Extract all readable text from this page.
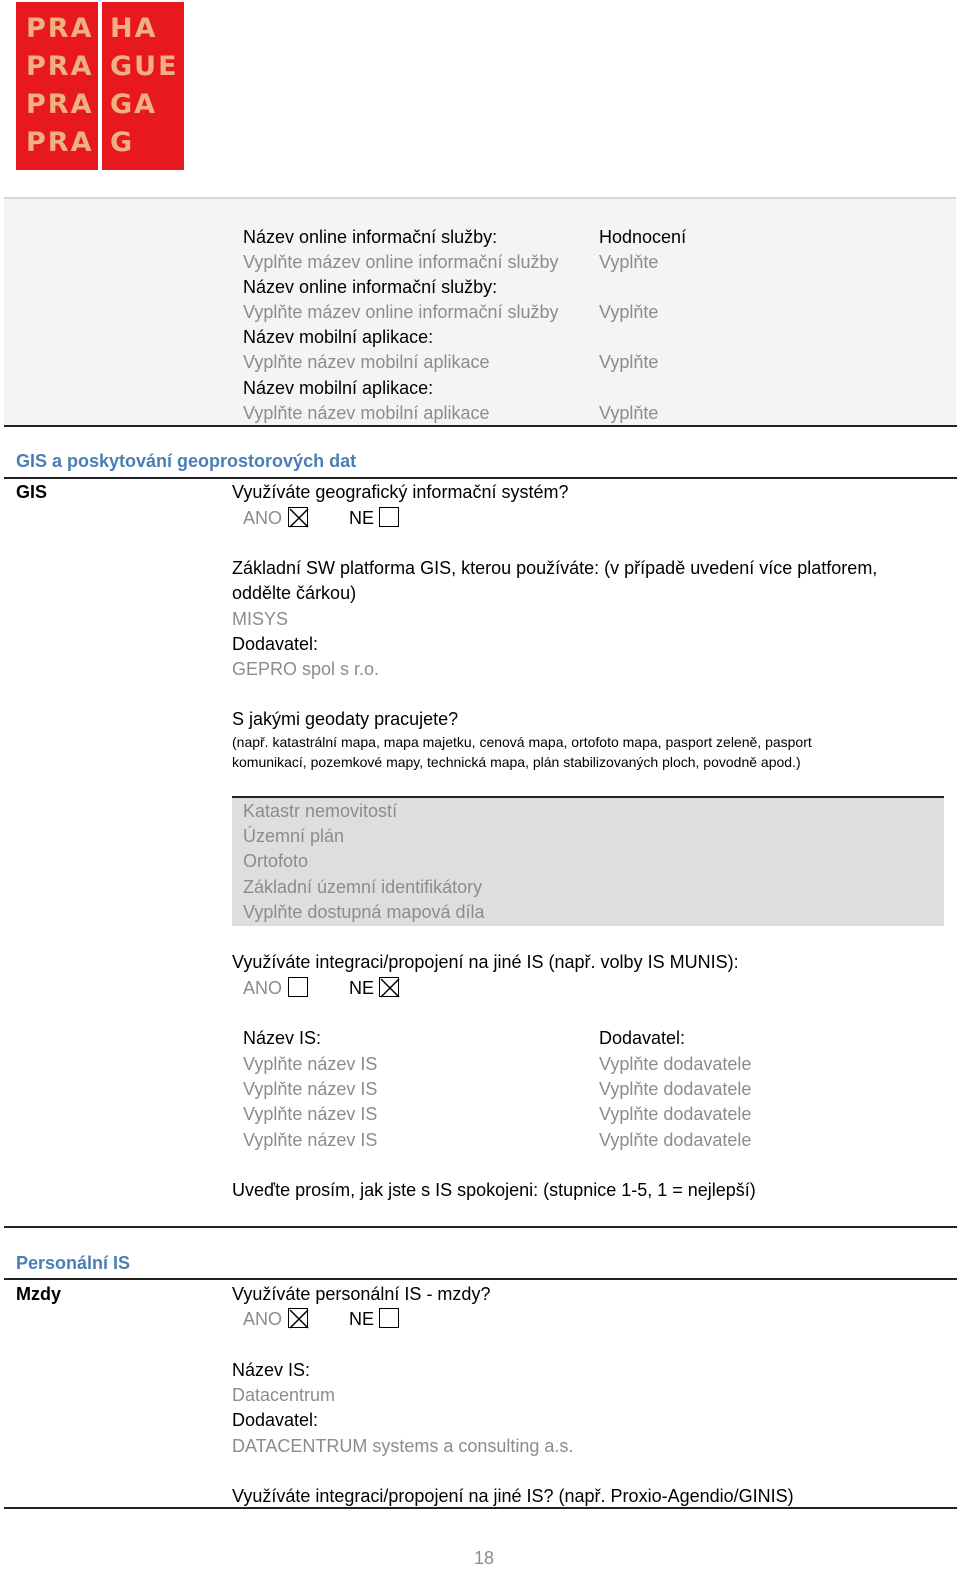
PRA HA
PRA GUE
PRA GA
PRA G
Název online informační služby:	Hodnocení
Vyplňte mázev online informační služby Vyplňte
Název online informační služby:
Vyplňte mázev online informační služby Vyplňte
Název mobilní aplikace:
Vyplňte název mobilní aplikace	Vyplňte
Název mobilní aplikace:
Vyplňte název mobilní aplikace	Vyplňte
GIS a poskytování geoprostorových dat
GIS	Využíváte geografický informační systém?
ANO	NE
Základní SW platforma GIS, kterou používáte: (v případě uvedení více platforem,
oddělte čárkou)
MISYS
Dodavatel:
GEPRO spol s r.o.
S jakými geodaty pracujete?
(např. katastrální mapa, mapa majetku, cenová mapa, ortofoto mapa, pasport zeleně, pasport
komunikací, pozemkové mapy, technická mapa, plán stabilizovaných ploch, povodně apod.)
Katastr nemovitostí
Územní plán
Ortofoto
Základní územní identifikátory
Vyplňte dostupná mapová díla
Využíváte integraci/propojení na jiné IS (např. volby IS MUNIS):
ANO	NE
Název IS:	Dodavatel:
Vyplňte název IS	Vyplňte dodavatele
Vyplňte název IS	Vyplňte dodavatele
Vyplňte název IS	Vyplňte dodavatele
Vyplňte název IS	Vyplňte dodavatele
Uveďte prosím, jak jste s IS spokojeni: (stupnice 1-5, 1 = nejlepší)
Personální IS
Mzdy	Využíváte personální IS - mzdy?
ANO	NE
Název IS:
Datacentrum
Dodavatel:
DATACENTRUM systems a consulting a.s.
Využíváte integraci/propojení na jiné IS? (např. Proxio-Agendio/GINIS)
18
